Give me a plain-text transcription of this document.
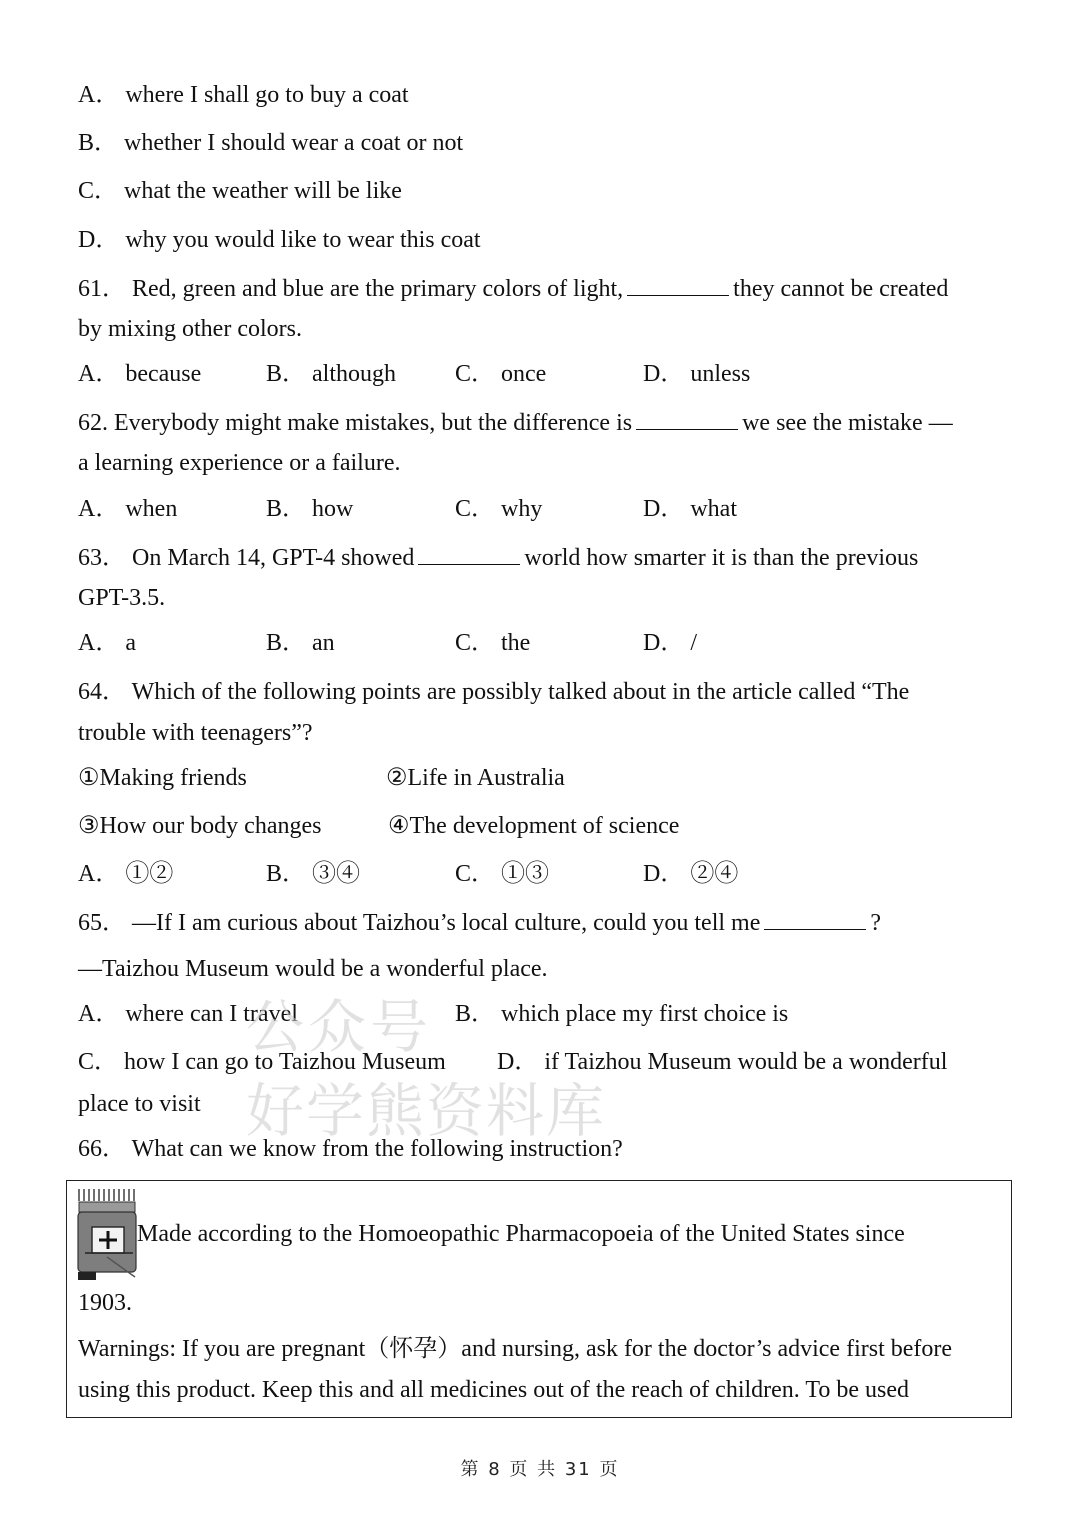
A． where I shall go to buy a coat
B． whether I should wear a coat or not
C． what the weather will be like
D． why you would like to wear this coat
61． Red, green and blue are the primary colors of light,	they cannot be created
by mixing other colors.
A． because	B． although C． once	D． unless
62. Everybody might make mistakes, but the difference is	we see the mistake —
a learning experience or a failure.
A． when	B． how	C． why	D． what
63． On March 14, GPT-4 showed	world how smarter it is than the previous
GPT-3.5.
A． a	B． an	C． the	D． /
64． Which of the following points are possibly talked about in the article called “The
trouble with teenagers”?
①Making friends	②Life in Australia
③How our body changes	④The development of science
A． ①②	B． ③④	C． ①③	D． ②④
65． —If I am curious about Taizhou’s local culture, could you tell me	?
—Taizhou Museum would be a wonderful place.
A． where can I travel	B． which place my first choice is
C． how I can go to Taizhou Museum D． if Taizhou Museum would be a wonderful
place to visit
公众号
好学熊资料库
66． What can we know from the following instruction?
Made according to the Homoeopathic Pharmacopoeia of the United States since
1903.
Warnings: If you are pregnant（怀孕）and nursing, ask for the doctor’s advice first before
using this product. Keep this and all medicines out of the reach of children. To be used
第 8 页 共 31 页
